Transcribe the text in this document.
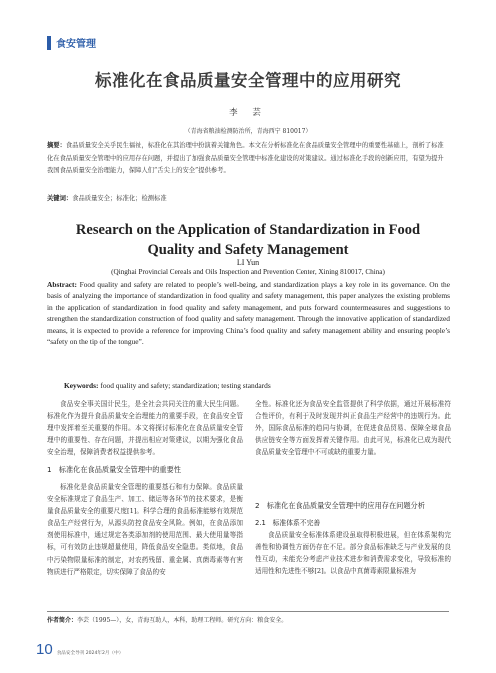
食安管理
标准化在食品质量安全管理中的应用研究
李 芸
（青海省粮油检测防治所，青海西宁 810017）
摘要：食品质量安全关乎民生福祉，标准化在其治理中扮演着关键角色。本文在分析标准化在食品质量安全管理中的重要性基础上，剖析了标准化在食品质量安全管理中的应用存在问题，并提出了加强食品质量安全管理中标准化建设的对策建议。通过标准化手段的创新应用，有望为提升我国食品质量安全治理能力，保障人们“舌尖上的安全”提供参考。
关键词：食品质量安全；标准化；检测标准
Research on the Application of Standardization in Food
Quality and Safety Management
LI Yun
(Qinghai Provincial Cereals and Oils Inspection and Prevention Center, Xining 810017, China)
Abstract: Food quality and safety are related to people’s well-being, and standardization plays a key role in its governance. On the basis of analyzing the importance of standardization in food quality and safety management, this paper analyzes the existing problems in the application of standardization in food quality and safety management, and puts forward countermeasures and suggestions to strengthen the standardization construction of food quality and safety management. Through the innovative application of standardized means, it is expected to provide a reference for improving China’s food quality and safety management ability and ensuring people’s “safety on the tip of the tongue”.
Keywords: food quality and safety; standardization; testing standards

食品安全事关国计民生，是全社会共同关注的重大民生问题。标准化作为提升食品质量安全治理能力的重要手段，在食品安全管理中发挥着至关重要的作用。本文将探讨标准化在食品质量安全管理中的重要性、存在问题，并提出相应对策建议，以期为强化食品安全治理，保障消费者权益提供参考。

1　标准化在食品质量安全管理中的重要性

标准化是食品质量安全管理的重要基石和有力保障。食品质量安全标准规定了食品生产、加工、储运等各环节的技术要求，是衡量食品质量安全的重要尺度[1]。科学合理的食品标准能够有效规范食品生产经营行为，从源头防控食品安全风险。例如，在食品添加剂使用标准中，通过规定各类添加剂的使用范围、最大使用量等指标，可有效防止违规超量使用，降低食品安全隐患。类似地，食品中污染物限量标准的制定，对农药残留、重金属、真菌毒素等有害物质进行严格限定，切实保障了食品的安

全性。标准化还为食品安全监管提供了科学依据，通过开展标准符合性评价，有利于及时发现并纠正食品生产经营中的违规行为。此外，国际食品标准的趋同与协调，在促进食品贸易、保障全球食品供应链安全等方面发挥着关键作用。由此可见，标准化已成为现代食品质量安全管理中不可或缺的重要力量。

2　标准化在食品质量安全管理中的应用存在问题分析
2.1　标准体系不完善

食品质量安全标准体系建设虽取得积极进展，但在体系架构完善性和协调性方面仍存在不足。部分食品标准缺乏与产业发展的良性互动，未能充分考虑产业技术进步和消费需求变化，导致标准的适用性和先进性不够[2]。以食品中真菌毒素限量标准为

作者简介：李芸（1995—），女，青海互助人，本科，助理工程师。研究方向：粮食安全。
10 食品安全导刊 2024年2月（中）
